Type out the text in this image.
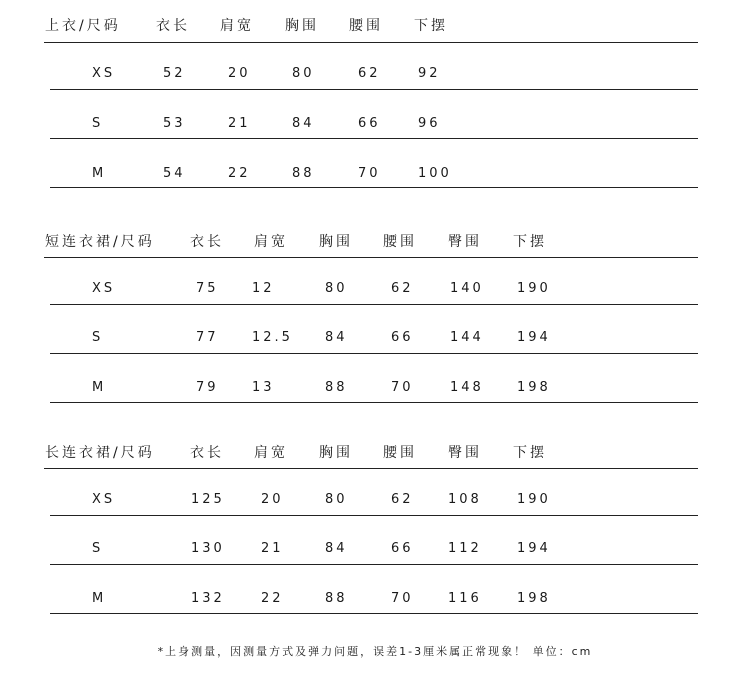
上衣/尺码	衣长 肩宽 胸围 腰围 下摆
XS	52	20	80	62	92
S	53	21	84	66	96
M	54	22	88	70	100
短连衣裙/尺码	衣长 肩宽 胸围 腰围 臀围 下摆
XS	75	12	80	62	140	190
S	77	12.5 84	66	144	194
M	79	13	88	70	148	198
长连衣裙/尺码	衣长 肩宽 胸围 腰围 臀围 下摆
XS	125	20	80	62	108	190
S	130	21	84	66	112	194
M	132	22	88	70	116	198
*上身测量，因测量方式及弹力问题，误差1-3厘米属正常现象！ 单位：cm
